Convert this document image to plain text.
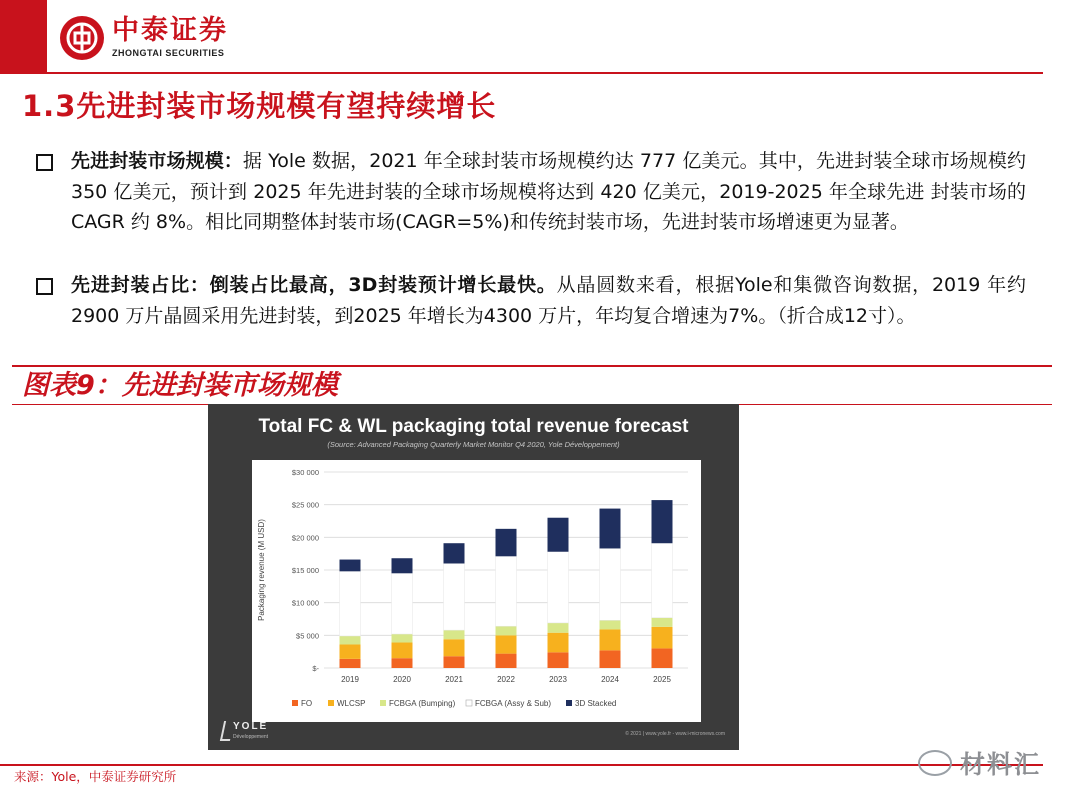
中泰证券
ZHONGTAI SECURITIES
1.3先进封装市场规模有望持续增长
先进封装市场规模：据 Yole 数据，2021 年全球封装市场规模约达 777 亿美元。其中，先进封装全球市场规模约 350 亿美元，预计到 2025 年先进封装的全球市场规模将达到 420 亿美元，2019-2025 年全球先进 封装市场的 CAGR 约 8%。相比同期整体封装市场(CAGR=5%)和传统封装市场，先进封装市场增速更为显著。
先进封装占比：倒装占比最高，3D封装预计增长最快。从晶圆数来看，根据Yole和集微咨询数据，2019 年约2900 万片晶圆采用先进封装，到2025 年增长为4300 万片，年均复合增速为7%。（折合成12寸）。
图表9：先进封装市场规模
Total FC & WL packaging total revenue forecast
(Source: Advanced Packaging Quarterly Market Monitor Q4 2020, Yole Développement)
$-
$5 000
$10 000
$15 000
$20 000
$25 000
$30 000
Packaging revenue (M USD)
2019	2020	2021	2022	2023	2024	2025
FO	WLCSP	FCBGA (Bumping) FCBGA (Assy & Sub)	3D Stacked
YOLE
Développement	© 2021 | www.yole.fr - www.i-micronews.com
来源：Yole，中泰证券研究所	材料汇
